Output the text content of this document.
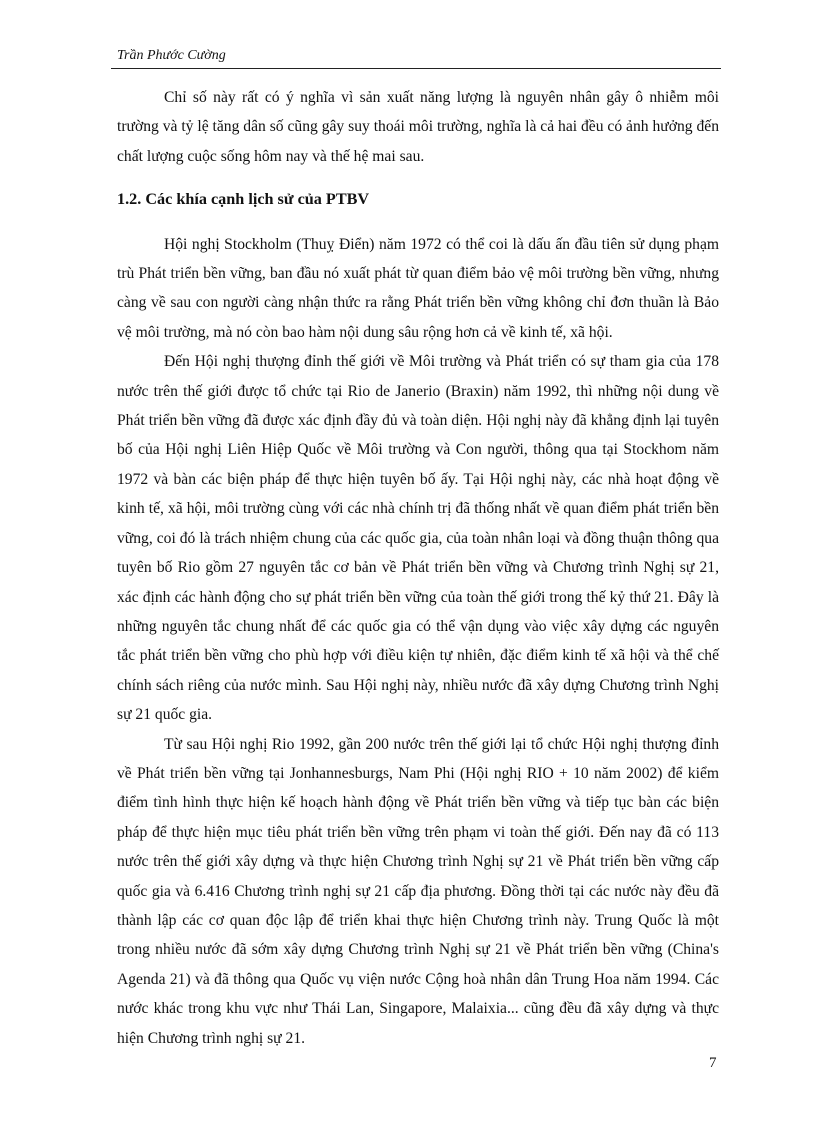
Trần Phước Cường

Chỉ số này rất có ý nghĩa vì sản xuất năng lượng là nguyên nhân gây ô nhiễm môi trường và tỷ lệ tăng dân số cũng gây suy thoái môi trường, nghĩa là cả hai đều có ảnh hưởng đến chất lượng cuộc sống hôm nay và thế hệ mai sau.

1.2. Các khía cạnh lịch sử của PTBV

Hội nghị Stockholm (Thuỵ Điển) năm 1972 có thể coi là dấu ấn đầu tiên sử dụng phạm trù Phát triển bền vững, ban đầu nó xuất phát từ quan điểm bảo vệ môi trường bền vững, nhưng càng về sau con người càng nhận thức ra rằng Phát triển bền vững không chỉ đơn thuần là Bảo vệ môi trường, mà nó còn bao hàm nội dung sâu rộng hơn cả về kinh tế, xã hội.

Đến Hội nghị thượng đỉnh thế giới về Môi trường và Phát triển có sự tham gia của 178 nước trên thế giới được tổ chức tại Rio de Janerio (Braxin) năm 1992, thì những nội dung về Phát triển bền vững đã được xác định đầy đủ và toàn diện. Hội nghị này đã khẳng định lại tuyên bố của Hội nghị Liên Hiệp Quốc về Môi trường và Con người, thông qua tại Stockhom năm 1972 và bàn các biện pháp để thực hiện tuyên bố ấy. Tại Hội nghị này, các nhà hoạt động về kinh tế, xã hội, môi trường cùng với các nhà chính trị đã thống nhất về quan điểm phát triển bền vững, coi đó là trách nhiệm chung của các quốc gia, của toàn nhân loại và đồng thuận thông qua tuyên bố Rio gồm 27 nguyên tắc cơ bản về Phát triển bền vững và Chương trình Nghị sự 21, xác định các hành động cho sự phát triển bền vững của toàn thế giới trong thế kỷ thứ 21. Đây là những nguyên tắc chung nhất để các quốc gia có thể vận dụng vào việc xây dựng các nguyên tắc phát triển bền vững cho phù hợp với điều kiện tự nhiên, đặc điểm kinh tế xã hội và thể chế chính sách riêng của nước mình. Sau Hội nghị này, nhiều nước đã xây dựng Chương trình Nghị sự 21 quốc gia.

Từ sau Hội nghị Rio 1992, gần 200 nước trên thế giới lại tổ chức Hội nghị thượng đỉnh về Phát triển bền vững tại Jonhannesburgs, Nam Phi (Hội nghị RIO + 10 năm 2002) để kiểm điểm tình hình thực hiện kế hoạch hành động về Phát triển bền vững và tiếp tục bàn các biện pháp để thực hiện mục tiêu phát triển bền vững trên phạm vi toàn thế giới. Đến nay đã có 113 nước trên thế giới xây dựng và thực hiện Chương trình Nghị sự 21 về Phát triển bền vững cấp quốc gia và 6.416 Chương trình nghị sự 21 cấp địa phương. Đồng thời tại các nước này đều đã thành lập các cơ quan độc lập để triển khai thực hiện Chương trình này. Trung Quốc là một trong nhiều nước đã sớm xây dựng Chương trình Nghị sự 21 về Phát triển bền vững (China's Agenda 21) và đã thông qua Quốc vụ viện nước Cộng hoà nhân dân Trung Hoa năm 1994. Các nước khác trong khu vực như Thái Lan, Singapore, Malaixia... cũng đều đã xây dựng và thực hiện Chương trình nghị sự 21.

7
